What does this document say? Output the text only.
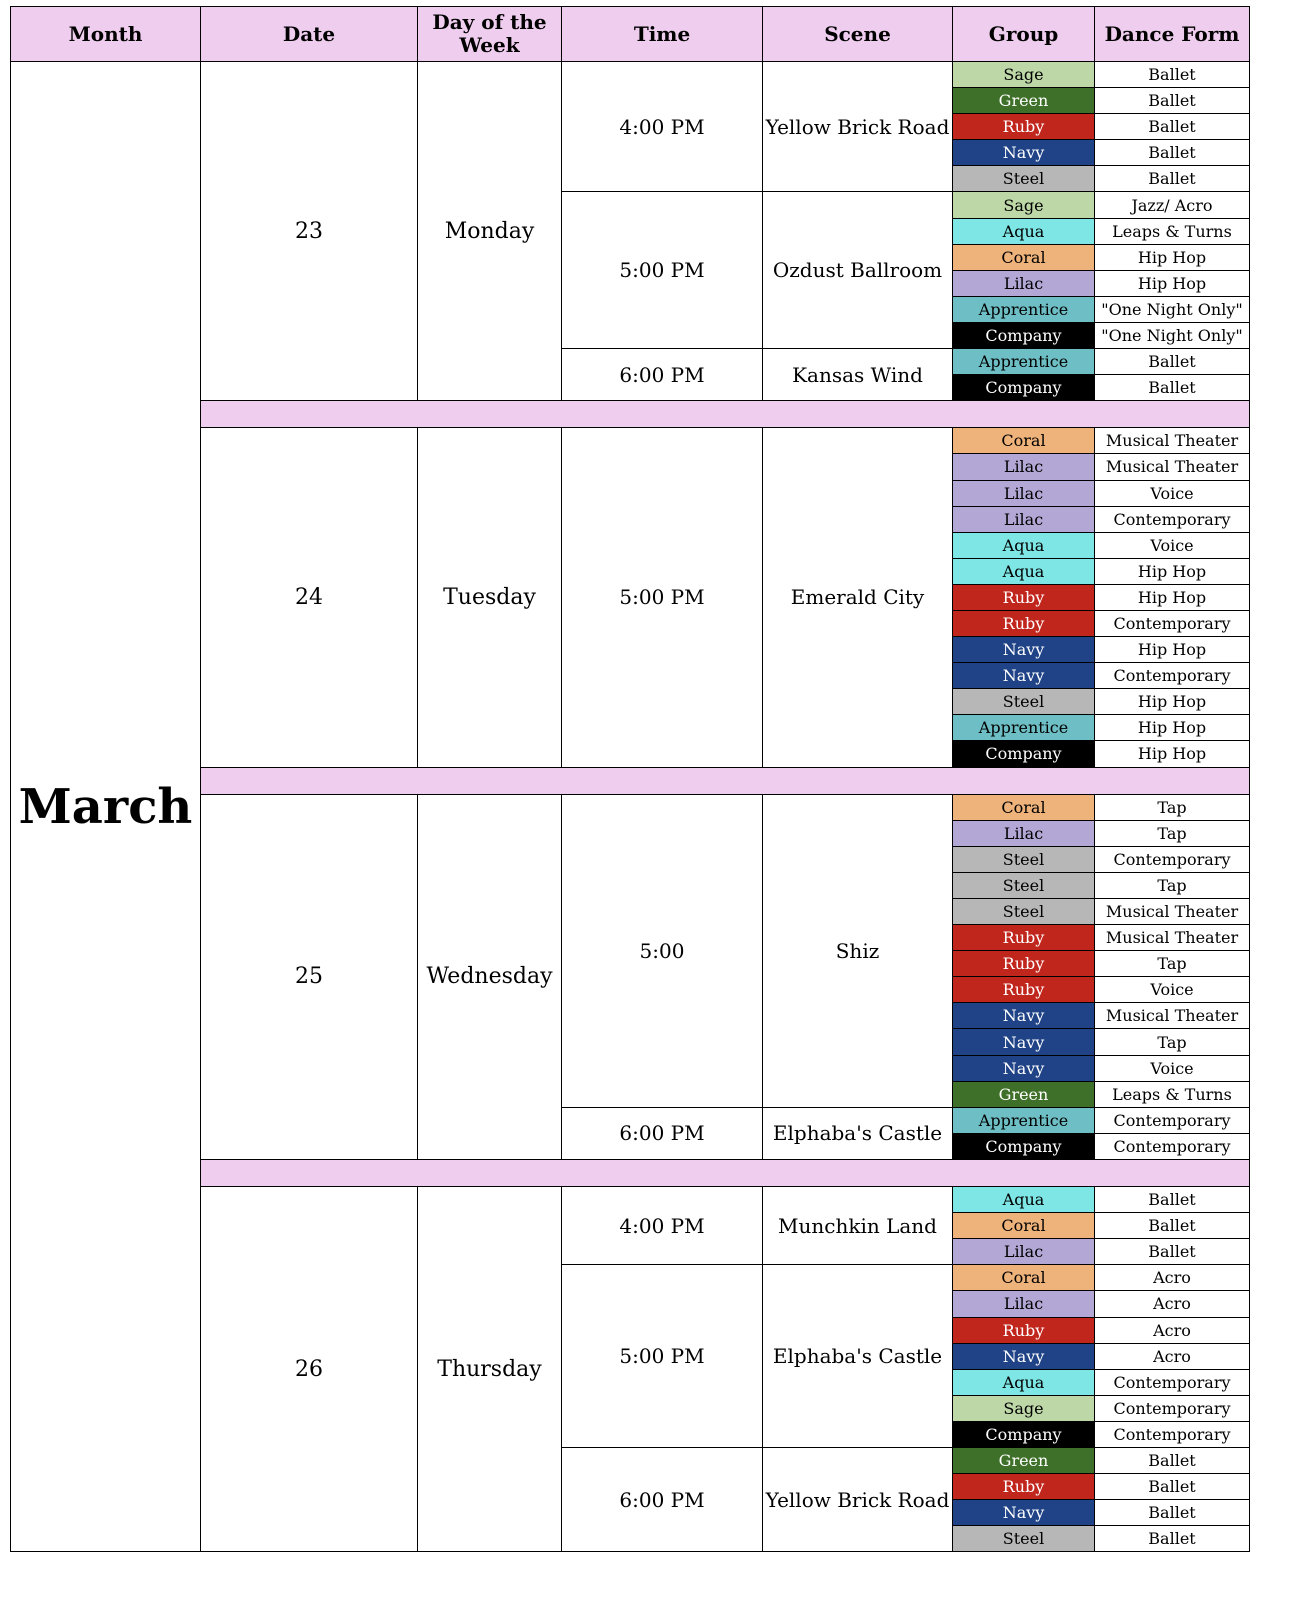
Month	Date	Day of the Week	Time	Scene	Group	Dance Form
March	23	Monday	4:00 PM	Yellow Brick Road	Sage	Ballet
					Green	Ballet
					Ruby	Ballet
					Navy	Ballet
					Steel	Ballet
			5:00 PM	Ozdust Ballroom	Sage	Jazz/ Acro
					Aqua	Leaps & Turns
					Coral	Hip Hop
					Lilac	Hip Hop
					Apprentice	"One Night Only"
					Company	"One Night Only"
			6:00 PM	Kansas Wind	Apprentice	Ballet
					Company	Ballet

	24	Tuesday	5:00 PM	Emerald City	Coral	Musical Theater
					Lilac	Musical Theater
					Lilac	Voice
					Lilac	Contemporary
					Aqua	Voice
					Aqua	Hip Hop
					Ruby	Hip Hop
					Ruby	Contemporary
					Navy	Hip Hop
					Navy	Contemporary
					Steel	Hip Hop
					Apprentice	Hip Hop
					Company	Hip Hop

	25	Wednesday	5:00	Shiz	Coral	Tap
					Lilac	Tap
					Steel	Contemporary
					Steel	Tap
					Steel	Musical Theater
					Ruby	Musical Theater
					Ruby	Tap
					Ruby	Voice
					Navy	Musical Theater
					Navy	Tap
					Navy	Voice
					Green	Leaps & Turns
			6:00 PM	Elphaba's Castle	Apprentice	Contemporary
					Company	Contemporary

	26	Thursday	4:00 PM	Munchkin Land	Aqua	Ballet
					Coral	Ballet
					Lilac	Ballet
			5:00 PM	Elphaba's Castle	Coral	Acro
					Lilac	Acro
					Ruby	Acro
					Navy	Acro
					Aqua	Contemporary
					Sage	Contemporary
					Company	Contemporary
			6:00 PM	Yellow Brick Road	Green	Ballet
					Ruby	Ballet
					Navy	Ballet
					Steel	Ballet
